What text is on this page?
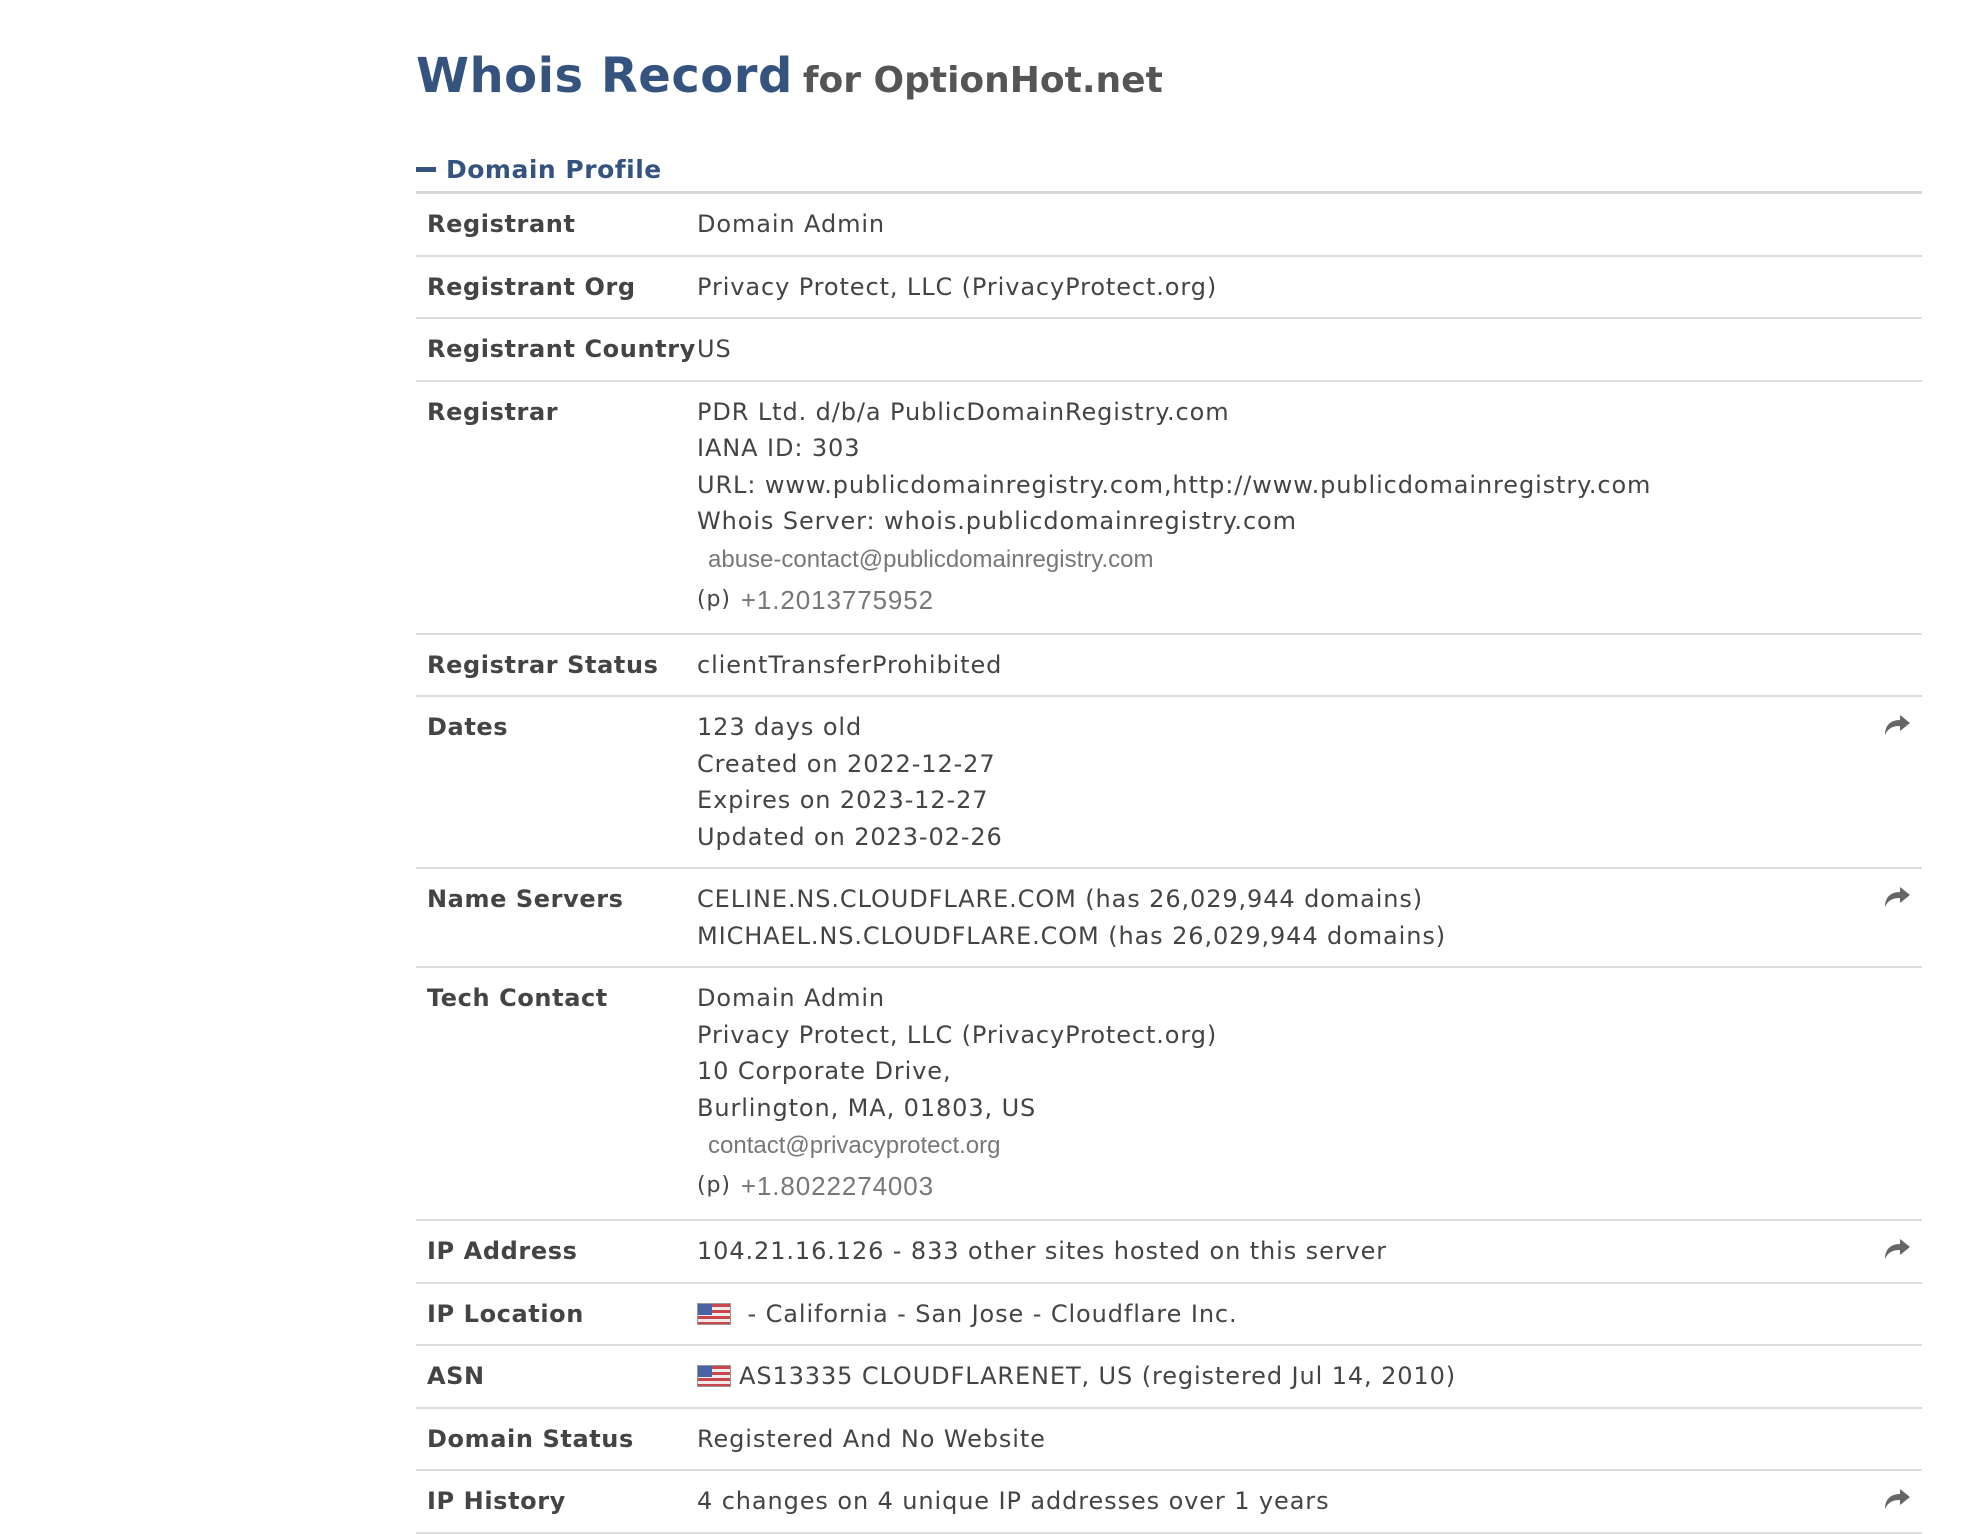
Whois Record for OptionHot.net
Domain Profile
Registrant	Domain Admin
Registrant Org	Privacy Protect, LLC (PrivacyProtect.org)
Registrant Country US
Registrar	PDR Ltd. d/b/a PublicDomainRegistry.com
IANA ID: 303
URL: www.publicdomainregistry.com,http://www.publicdomainregistry.com
Whois Server: whois.publicdomainregistry.com
abuse-contact@publicdomainregistry.com
(p) +1.2013775952
Registrar Status	clientTransferProhibited
Dates	123 days old
Created on 2022-12-27
Expires on 2023-12-27
Updated on 2023-02-26
Name Servers	CELINE.NS.CLOUDFLARE.COM (has 26,029,944 domains)
MICHAEL.NS.CLOUDFLARE.COM (has 26,029,944 domains)
Tech Contact	Domain Admin
Privacy Protect, LLC (PrivacyProtect.org)
10 Corporate Drive,
Burlington, MA, 01803, US
contact@privacyprotect.org
(p) +1.8022274003
IP Address	104.21.16.126 - 833 other sites hosted on this server
IP Location	- California - San Jose - Cloudflare Inc.
ASN	AS13335 CLOUDFLARENET, US (registered Jul 14, 2010)
Domain Status	Registered And No Website
IP History	4 changes on 4 unique IP addresses over 1 years
